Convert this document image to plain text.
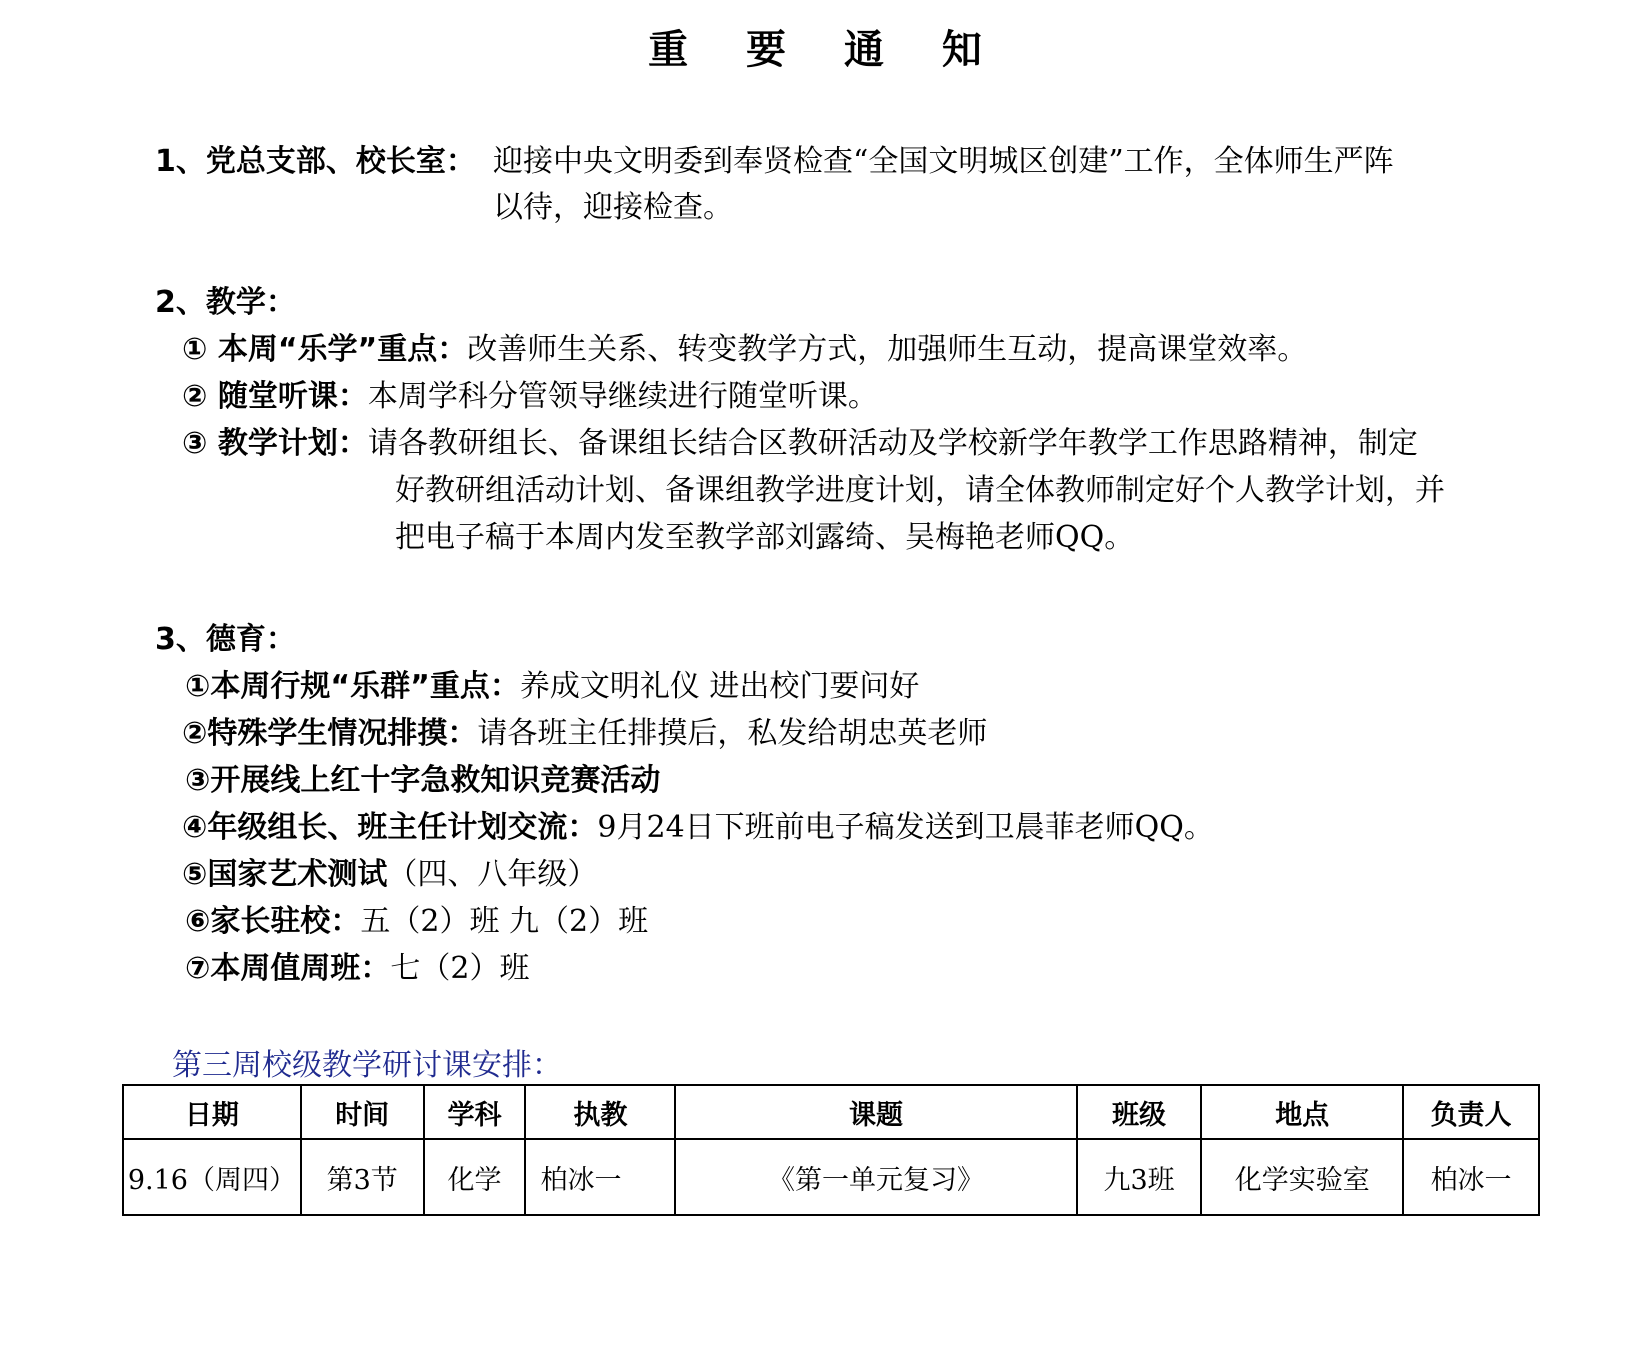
重 要 通 知
1、党总支部、校长室： 迎接中央文明委到奉贤检查“全国文明城区创建”工作，全体师生严阵
以待，迎接检查。
2、教学：
① 本周“乐学”重点：改善师生关系、转变教学方式，加强师生互动，提高课堂效率。
② 随堂听课：本周学科分管领导继续进行随堂听课。
③ 教学计划：请各教研组长、备课组长结合区教研活动及学校新学年教学工作思路精神，制定
好教研组活动计划、备课组教学进度计划，请全体教师制定好个人教学计划，并
把电子稿于本周内发至教学部刘露绮、吴梅艳老师QQ。
3、德育：
①本周行规“乐群”重点：养成文明礼仪 进出校门要问好
②特殊学生情况排摸：请各班主任排摸后，私发给胡忠英老师
③开展线上红十字急救知识竞赛活动
④年级组长、班主任计划交流：9月24日下班前电子稿发送到卫晨菲老师QQ。
⑤国家艺术测试（四、八年级）
⑥家长驻校：五（2）班 九（2）班
⑦本周值周班：七（2）班
第三周校级教学研讨课安排：
日期	时间	学科	执教	课题	班级	地点	负责人
9.16（周四）	第3节	化学	柏冰一	《第一单元复习》	九3班	化学实验室	柏冰一
